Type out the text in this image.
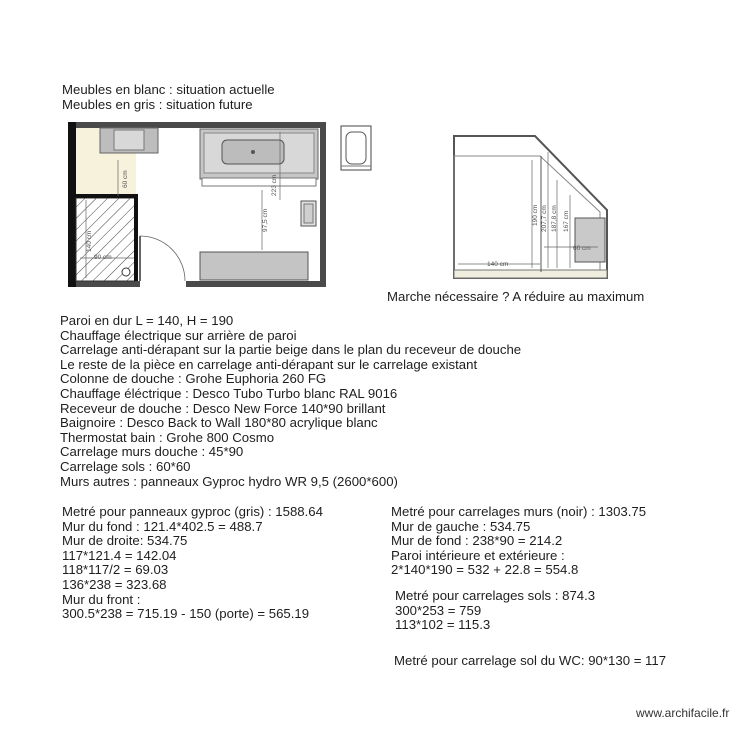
Meubles en blanc : situation actuelle
Meubles en gris : situation future
60 cm
140 cm
90 cm
97,5 cm
223 cm
190 cm 207,7 cm 187,8 cm 167 cm
60 cm
140 cm
Marche nécessaire ? A réduire au maximum
Paroi en dur L = 140, H = 190
Chauffage électrique sur arrière de paroi
Carrelage anti-dérapant sur la partie beige dans le plan du receveur de douche
Le reste de la pièce en carrelage anti-dérapant sur le carrelage existant
Colonne de douche : Grohe Euphoria 260 FG
Chauffage éléctrique : Desco Tubo Turbo blanc RAL 9016
Receveur de douche : Desco New Force 140*90 brillant
Baignoire : Desco Back to Wall 180*80 acrylique blanc
Thermostat bain : Grohe 800 Cosmo
Carrelage murs douche : 45*90
Carrelage sols : 60*60
Murs autres : panneaux Gyproc hydro WR 9,5 (2600*600)
Metré pour panneaux gyproc (gris) : 1588.64
Mur du fond : 121.4*402.5 = 488.7
Mur de droite: 534.75
117*121.4 = 142.04
118*117/2 = 69.03
136*238 = 323.68
Mur du front :
300.5*238 = 715.19 - 150 (porte) = 565.19
Metré pour carrelages murs (noir) : 1303.75
Mur de gauche : 534.75
Mur de fond : 238*90 = 214.2
Paroi intérieure et extérieure :
2*140*190 = 532 + 22.8 = 554.8
Metré pour carrelages sols : 874.3
300*253 = 759
113*102 = 115.3
Metré pour carrelage sol du WC: 90*130 = 117
www.archifacile.fr
